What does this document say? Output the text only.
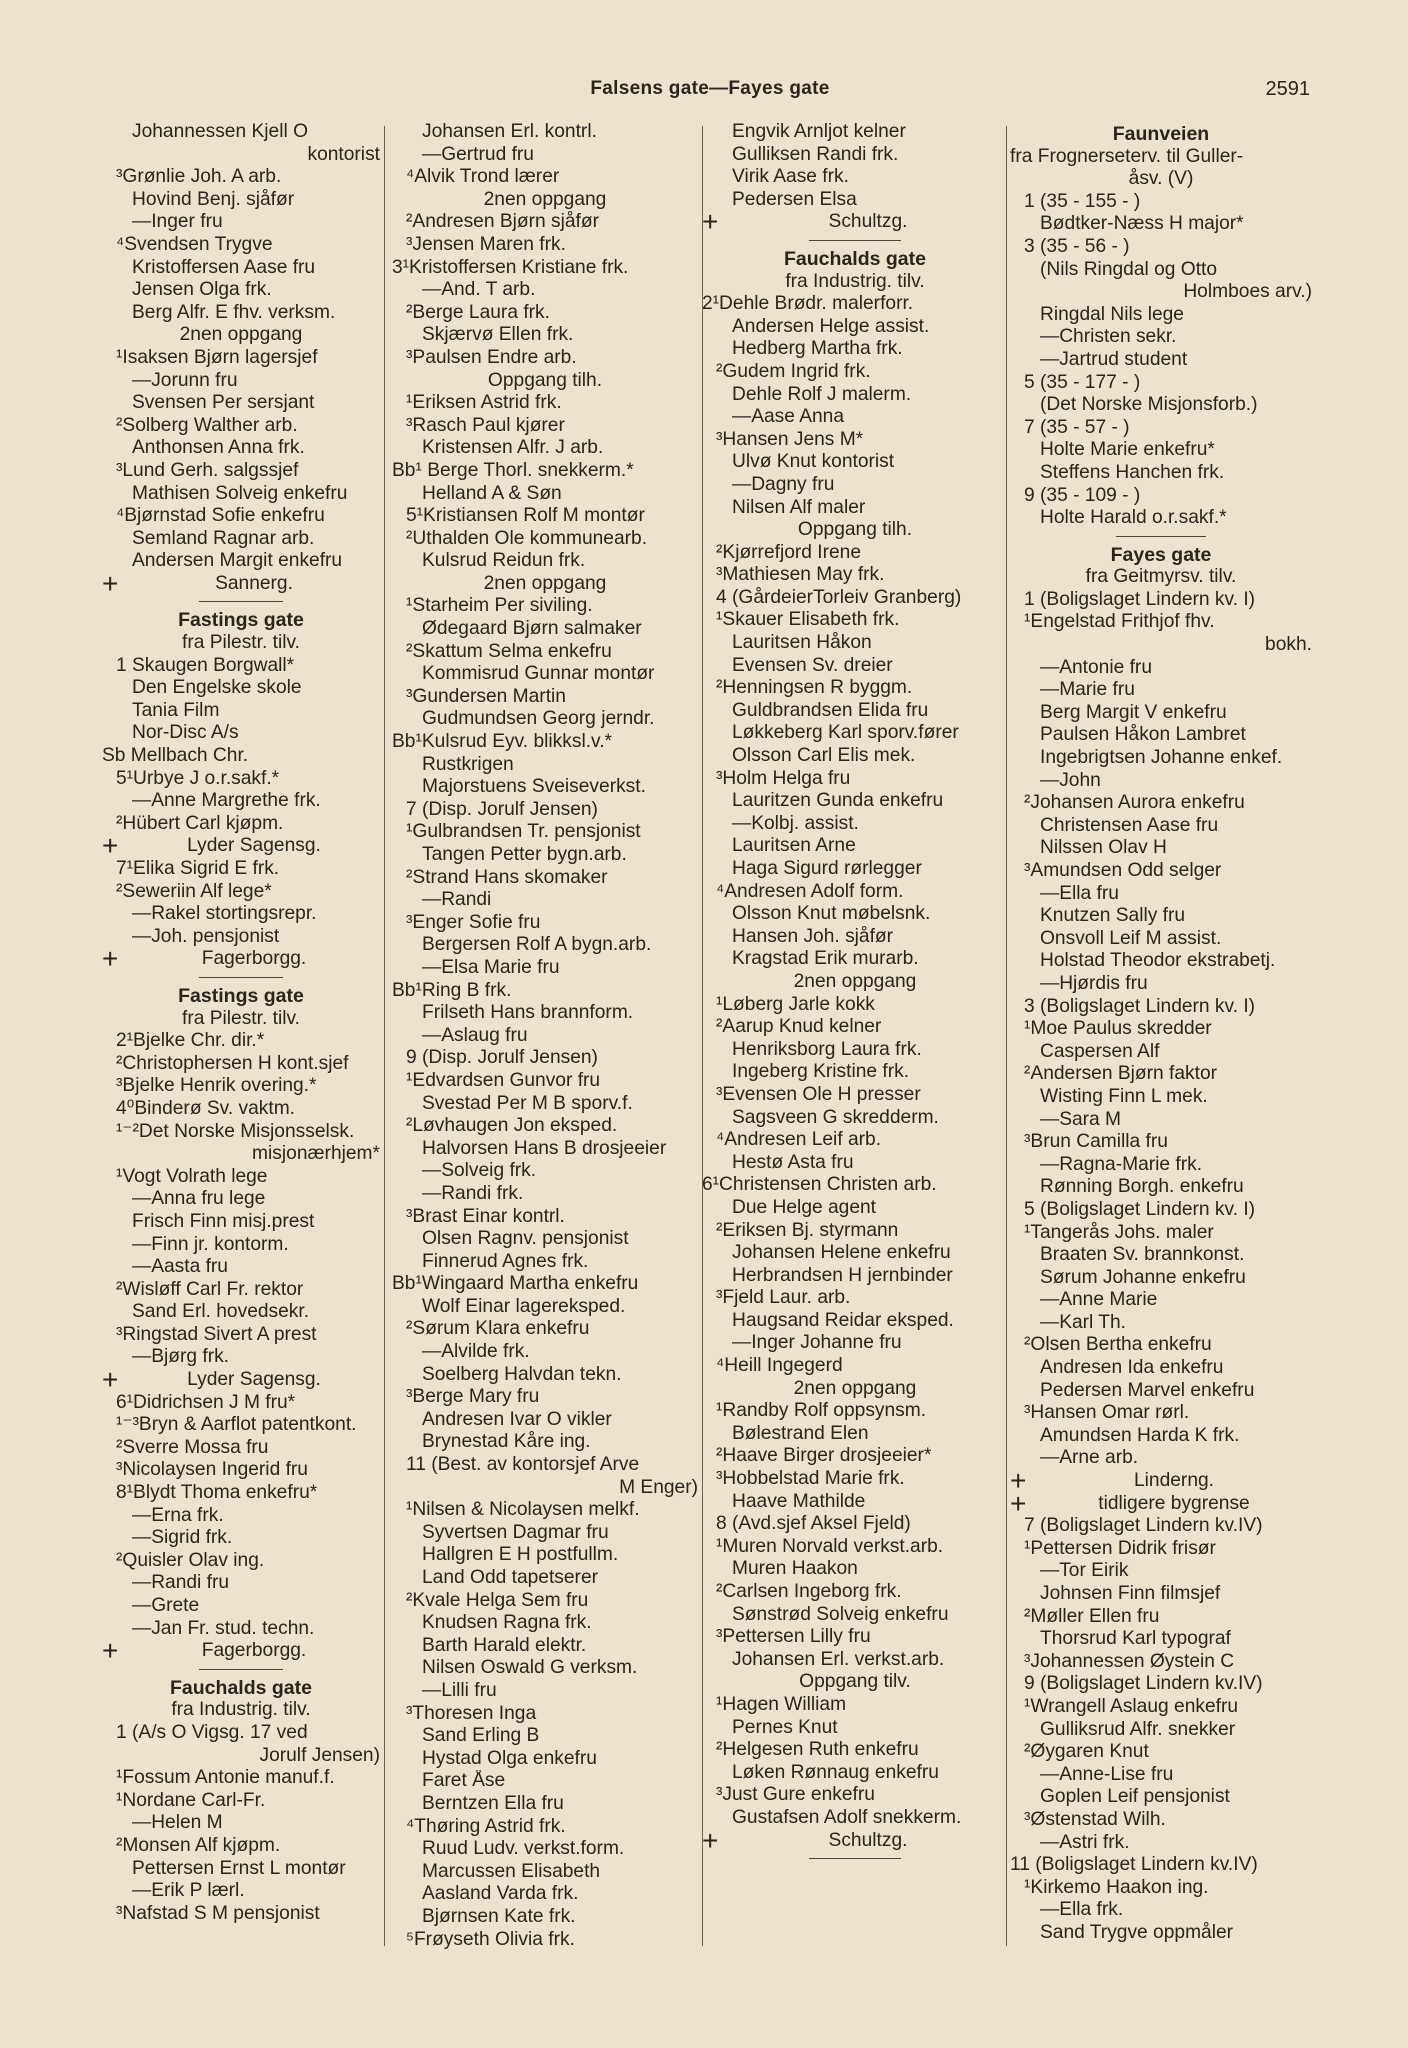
Falsens gate—Fayes gate	2591
Johannessen Kjell O
kontorist
³Grønlie Joh. A arb.
Hovind Benj. sjåfør
—Inger fru
⁴Svendsen Trygve
Kristoffersen Aase fru
Jensen Olga frk.
Berg Alfr. E fhv. verksm.
2nen oppgang
¹Isaksen Bjørn lagersjef
—Jorunn fru
Svensen Per sersjant
²Solberg Walther arb.
Anthonsen Anna frk.
³Lund Gerh. salgssjef
Mathisen Solveig enkefru
⁴Bjørnstad Sofie enkefru
Semland Ragnar arb.
Andersen Margit enkefru
+	Sannerg.
Fastings gate
fra Pilestr. tilv.
1 Skaugen Borgwall*
Den Engelske skole
Tania Film
Nor-Disc A/s
Sb Mellbach Chr.
5¹Urbye J o.r.sakf.*
—Anne Margrethe frk.
²Hübert Carl kjøpm.
+	Lyder Sagensg.
7¹Elika Sigrid E frk.
²Seweriin Alf lege*
—Rakel stortingsrepr.
—Joh. pensjonist
+	Fagerborgg.
Fastings gate
fra Pilestr. tilv.
2¹Bjelke Chr. dir.*
²Christophersen H kont.sjef
³Bjelke Henrik overing.*
4⁰Binderø Sv. vaktm.
¹⁻²Det Norske Misjonsselsk.
misjonærhjem*
¹Vogt Volrath lege
—Anna fru lege
Frisch Finn misj.prest
—Finn jr. kontorm.
—Aasta fru
²Wisløff Carl Fr. rektor
Sand Erl. hovedsekr.
³Ringstad Sivert A prest
—Bjørg frk.
+	Lyder Sagensg.
6¹Didrichsen J M fru*
¹⁻³Bryn & Aarflot patentkont.
²Sverre Mossa fru
³Nicolaysen Ingerid fru
8¹Blydt Thoma enkefru*
—Erna frk.
—Sigrid frk.
²Quisler Olav ing.
—Randi fru
—Grete
—Jan Fr. stud. techn.
+	Fagerborgg.
Fauchalds gate
fra Industrig. tilv.
1 (A/s O Vigsg. 17 ved
Jorulf Jensen)
¹Fossum Antonie manuf.f.
¹Nordane Carl-Fr.
—Helen M
²Monsen Alf kjøpm.
Pettersen Ernst L montør
—Erik P lærl.
³Nafstad S M pensjonist
Johansen Erl. kontrl.
—Gertrud fru
⁴Alvik Trond lærer
2nen oppgang
²Andresen Bjørn sjåfør
³Jensen Maren frk.
3¹Kristoffersen Kristiane frk.
—And. T arb.
²Berge Laura frk.
Skjærvø Ellen frk.
³Paulsen Endre arb.
Oppgang tilh.
¹Eriksen Astrid frk.
³Rasch Paul kjører
Kristensen Alfr. J arb.
Bb¹ Berge Thorl. snekkerm.*
Helland A & Søn
5¹Kristiansen Rolf M montør
²Uthalden Ole kommunearb.
Kulsrud Reidun frk.
2nen oppgang
¹Starheim Per siviling.
Ødegaard Bjørn salmaker
²Skattum Selma enkefru
Kommisrud Gunnar montør
³Gundersen Martin
Gudmundsen Georg jerndr.
Bb¹Kulsrud Eyv. blikksl.v.*
Rustkrigen
Majorstuens Sveiseverkst.
7 (Disp. Jorulf Jensen)
¹Gulbrandsen Tr. pensjonist
Tangen Petter bygn.arb.
²Strand Hans skomaker
—Randi
³Enger Sofie fru
Bergersen Rolf A bygn.arb.
—Elsa Marie fru
Bb¹Ring B frk.
Frilseth Hans brannform.
—Aslaug fru
9 (Disp. Jorulf Jensen)
¹Edvardsen Gunvor fru
Svestad Per M B sporv.f.
²Løvhaugen Jon eksped.
Halvorsen Hans B drosjeeier
—Solveig frk.
—Randi frk.
³Brast Einar kontrl.
Olsen Ragnv. pensjonist
Finnerud Agnes frk.
Bb¹Wingaard Martha enkefru
Wolf Einar lagereksped.
²Sørum Klara enkefru
—Alvilde frk.
Soelberg Halvdan tekn.
³Berge Mary fru
Andresen Ivar O vikler
Brynestad Kåre ing.
11 (Best. av kontorsjef Arve
M Enger)
¹Nilsen & Nicolaysen melkf.
Syvertsen Dagmar fru
Hallgren E H postfullm.
Land Odd tapetserer
²Kvale Helga Sem fru
Knudsen Ragna frk.
Barth Harald elektr.
Nilsen Oswald G verksm.
—Lilli fru
³Thoresen Inga
Sand Erling B
Hystad Olga enkefru
Faret Åse
Berntzen Ella fru
⁴Thøring Astrid frk.
Ruud Ludv. verkst.form.
Marcussen Elisabeth
Aasland Varda frk.
Bjørnsen Kate frk.
⁵Frøyseth Olivia frk.
Engvik Arnljot kelner
Gulliksen Randi frk.
Virik Aase frk.
Pedersen Elsa
+	Schultzg.
Fauchalds gate
fra Industrig. tilv.
2¹Dehle Brødr. malerforr.
Andersen Helge assist.
Hedberg Martha frk.
²Gudem Ingrid frk.
Dehle Rolf J malerm.
—Aase Anna
³Hansen Jens M*
Ulvø Knut kontorist
—Dagny fru
Nilsen Alf maler
Oppgang tilh.
²Kjørrefjord Irene
³Mathiesen May frk.
4 (GårdeierTorleiv Granberg)
¹Skauer Elisabeth frk.
Lauritsen Håkon
Evensen Sv. dreier
²Henningsen R byggm.
Guldbrandsen Elida fru
Løkkeberg Karl sporv.fører
Olsson Carl Elis mek.
³Holm Helga fru
Lauritzen Gunda enkefru
—Kolbj. assist.
Lauritsen Arne
Haga Sigurd rørlegger
⁴Andresen Adolf form.
Olsson Knut møbelsnk.
Hansen Joh. sjåfør
Kragstad Erik murarb.
2nen oppgang
¹Løberg Jarle kokk
²Aarup Knud kelner
Henriksborg Laura frk.
Ingeberg Kristine frk.
³Evensen Ole H presser
Sagsveen G skredderm.
⁴Andresen Leif arb.
Hestø Asta fru
6¹Christensen Christen arb.
Due Helge agent
²Eriksen Bj. styrmann
Johansen Helene enkefru
Herbrandsen H jernbinder
³Fjeld Laur. arb.
Haugsand Reidar eksped.
—Inger Johanne fru
⁴Heill Ingegerd
2nen oppgang
¹Randby Rolf oppsynsm.
Bølestrand Elen
²Haave Birger drosjeeier*
³Hobbelstad Marie frk.
Haave Mathilde
8 (Avd.sjef Aksel Fjeld)
¹Muren Norvald verkst.arb.
Muren Haakon
²Carlsen Ingeborg frk.
Sønstrød Solveig enkefru
³Pettersen Lilly fru
Johansen Erl. verkst.arb.
Oppgang tilv.
¹Hagen William
Pernes Knut
²Helgesen Ruth enkefru
Løken Rønnaug enkefru
³Just Gure enkefru
Gustafsen Adolf snekkerm.
+	Schultzg.
Faunveien
fra Frognerseterv. til Guller-
åsv. (V)
1 (35 - 155 - )
Bødtker-Næss H major*
3 (35 - 56 - )
(Nils Ringdal og Otto
Holmboes arv.)
Ringdal Nils lege
—Christen sekr.
—Jartrud student
5 (35 - 177 - )
(Det Norske Misjonsforb.)
7 (35 - 57 - )
Holte Marie enkefru*
Steffens Hanchen frk.
9 (35 - 109 - )
Holte Harald o.r.sakf.*
Fayes gate
fra Geitmyrsv. tilv.
1 (Boligslaget Lindern kv. I)
¹Engelstad Frithjof fhv.
bokh.
—Antonie fru
—Marie fru
Berg Margit V enkefru
Paulsen Håkon Lambret
Ingebrigtsen Johanne enkef.
—John
²Johansen Aurora enkefru
Christensen Aase fru
Nilssen Olav H
³Amundsen Odd selger
—Ella fru
Knutzen Sally fru
Onsvoll Leif M assist.
Holstad Theodor ekstrabetj.
—Hjørdis fru
3 (Boligslaget Lindern kv. I)
¹Moe Paulus skredder
Caspersen Alf
²Andersen Bjørn faktor
Wisting Finn L mek.
—Sara M
³Brun Camilla fru
—Ragna-Marie frk.
Rønning Borgh. enkefru
5 (Boligslaget Lindern kv. I)
¹Tangerås Johs. maler
Braaten Sv. brannkonst.
Sørum Johanne enkefru
—Anne Marie
—Karl Th.
²Olsen Bertha enkefru
Andresen Ida enkefru
Pedersen Marvel enkefru
³Hansen Omar rørl.
Amundsen Harda K frk.
—Arne arb.
+	Linderng.
+	tidligere bygrense
7 (Boligslaget Lindern kv.IV)
¹Pettersen Didrik frisør
—Tor Eirik
Johnsen Finn filmsjef
²Møller Ellen fru
Thorsrud Karl typograf
³Johannessen Øystein C
9 (Boligslaget Lindern kv.IV)
¹Wrangell Aslaug enkefru
Gulliksrud Alfr. snekker
²Øygaren Knut
—Anne-Lise fru
Goplen Leif pensjonist
³Østenstad Wilh.
—Astri frk.
11 (Boligslaget Lindern kv.IV)
¹Kirkemo Haakon ing.
—Ella frk.
Sand Trygve oppmåler
